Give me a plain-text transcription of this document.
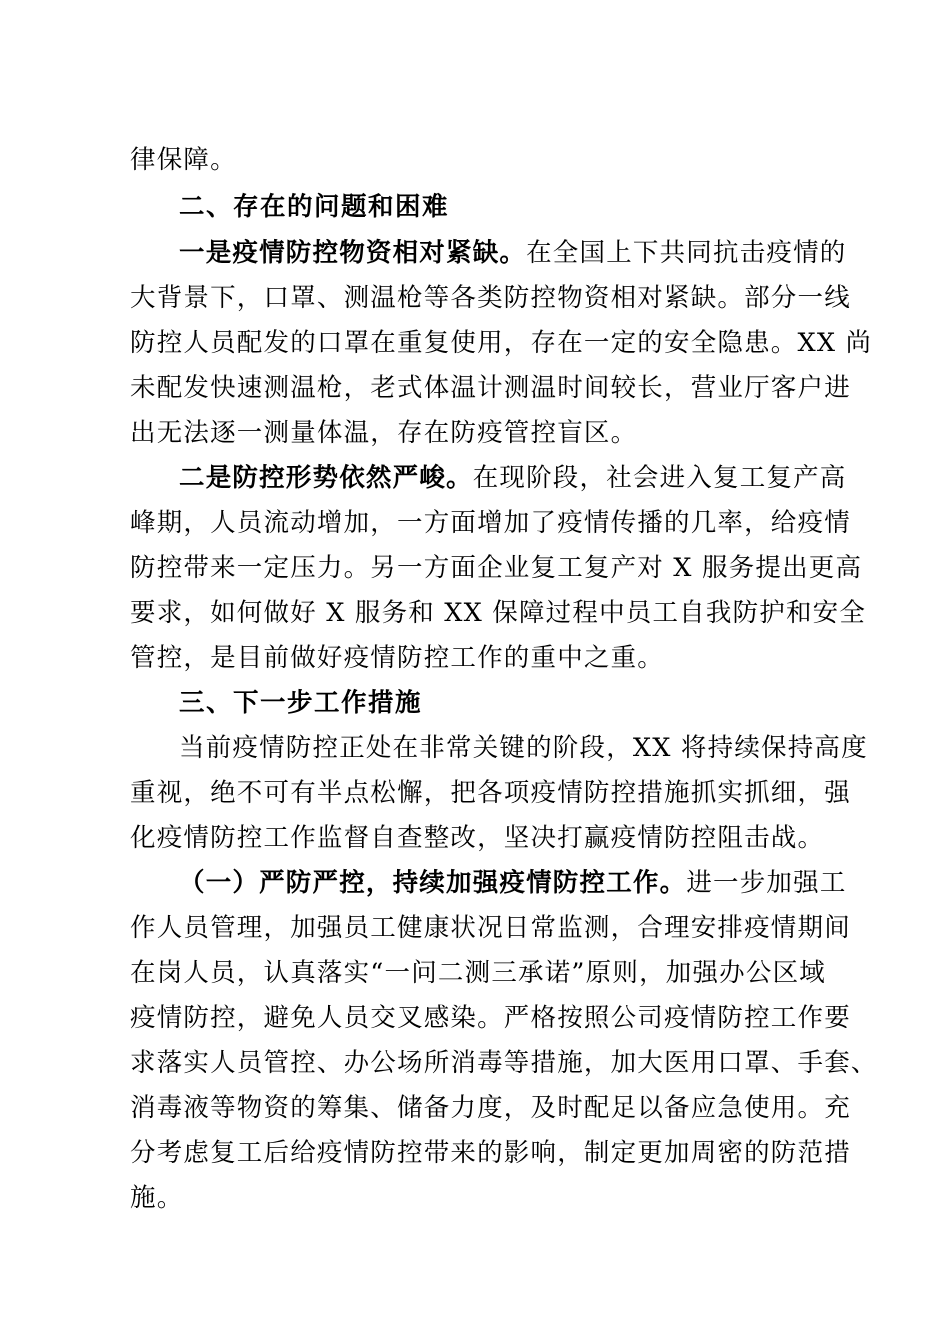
律保障。
二、存在的问题和困难
一是疫情防控物资相对紧缺。在全国上下共同抗击疫情的
大背景下，口罩、测温枪等各类防控物资相对紧缺。部分一线
防控人员配发的口罩在重复使用，存在一定的安全隐患。XX 尚
未配发快速测温枪，老式体温计测温时间较长，营业厅客户进
出无法逐一测量体温，存在防疫管控盲区。
二是防控形势依然严峻。在现阶段，社会进入复工复产高
峰期，人员流动增加，一方面增加了疫情传播的几率，给疫情
防控带来一定压力。另一方面企业复工复产对 X 服务提出更高
要求，如何做好 X 服务和 XX 保障过程中员工自我防护和安全
管控，是目前做好疫情防控工作的重中之重。
三、下一步工作措施
当前疫情防控正处在非常关键的阶段，XX 将持续保持高度
重视，绝不可有半点松懈，把各项疫情防控措施抓实抓细，强
化疫情防控工作监督自查整改，坚决打赢疫情防控阻击战。
（一）严防严控，持续加强疫情防控工作。进一步加强工
作人员管理，加强员工健康状况日常监测，合理安排疫情期间
在岗人员，认真落实“一问二测三承诺”原则，加强办公区域
疫情防控，避免人员交叉感染。严格按照公司疫情防控工作要
求落实人员管控、办公场所消毒等措施，加大医用口罩、手套、
消毒液等物资的筹集、储备力度，及时配足以备应急使用。充
分考虑复工后给疫情防控带来的影响，制定更加周密的防范措
施。
